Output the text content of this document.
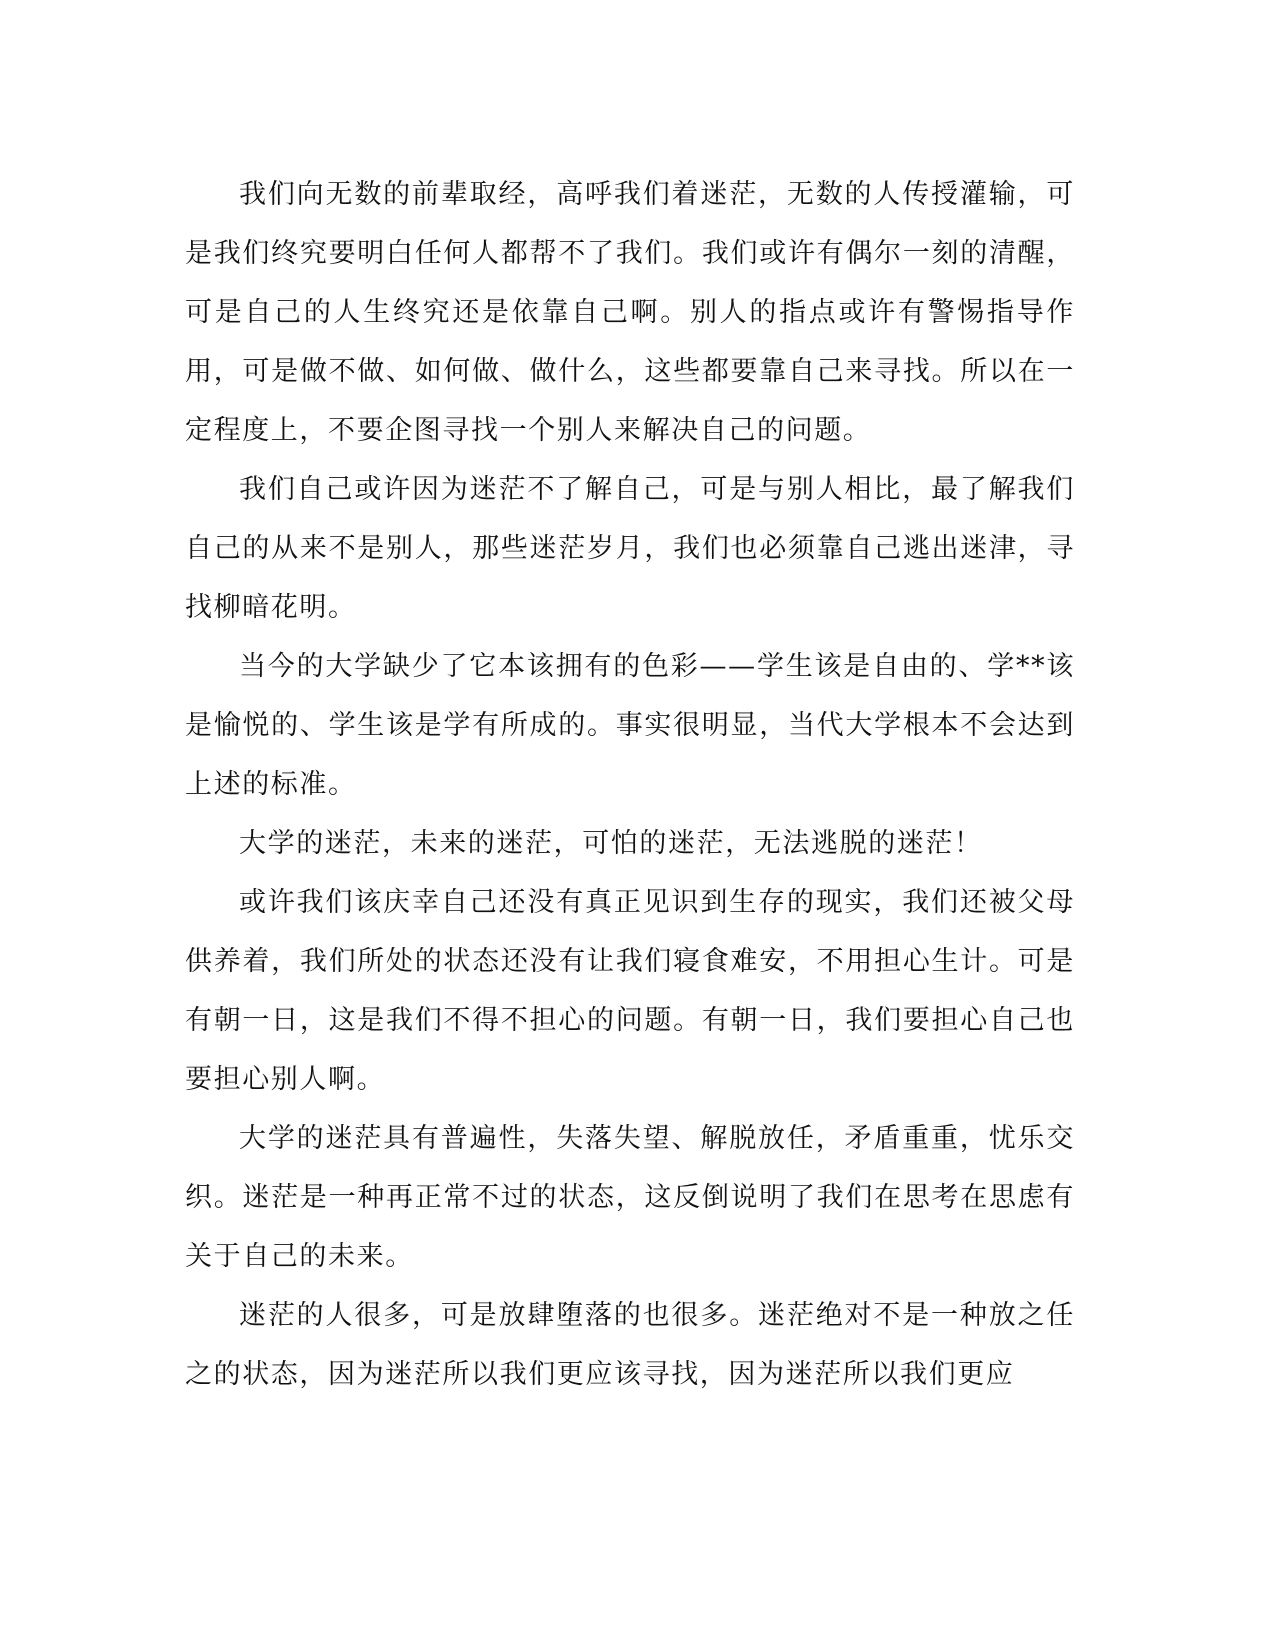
我们向无数的前辈取经，高呼我们着迷茫，无数的人传授灌输，可是我们终究要明白任何人都帮不了我们。我们或许有偶尔一刻的清醒，可是自己的人生终究还是依靠自己啊。别人的指点或许有警惕指导作用，可是做不做、如何做、做什么，这些都要靠自己来寻找。所以在一定程度上，不要企图寻找一个别人来解决自己的问题。

我们自己或许因为迷茫不了解自己，可是与别人相比，最了解我们自己的从来不是别人，那些迷茫岁月，我们也必须靠自己逃出迷津，寻找柳暗花明。

当今的大学缺少了它本该拥有的色彩——学生该是自由的、学**该是愉悦的、学生该是学有所成的。事实很明显，当代大学根本不会达到上述的标准。

大学的迷茫，未来的迷茫，可怕的迷茫，无法逃脱的迷茫！

或许我们该庆幸自己还没有真正见识到生存的现实，我们还被父母供养着，我们所处的状态还没有让我们寝食难安，不用担心生计。可是有朝一日，这是我们不得不担心的问题。有朝一日，我们要担心自己也要担心别人啊。

大学的迷茫具有普遍性，失落失望、解脱放任，矛盾重重，忧乐交织。迷茫是一种再正常不过的状态，这反倒说明了我们在思考在思虑有关于自己的未来。

迷茫的人很多，可是放肆堕落的也很多。迷茫绝对不是一种放之任之的状态，因为迷茫所以我们更应该寻找，因为迷茫所以我们更应
